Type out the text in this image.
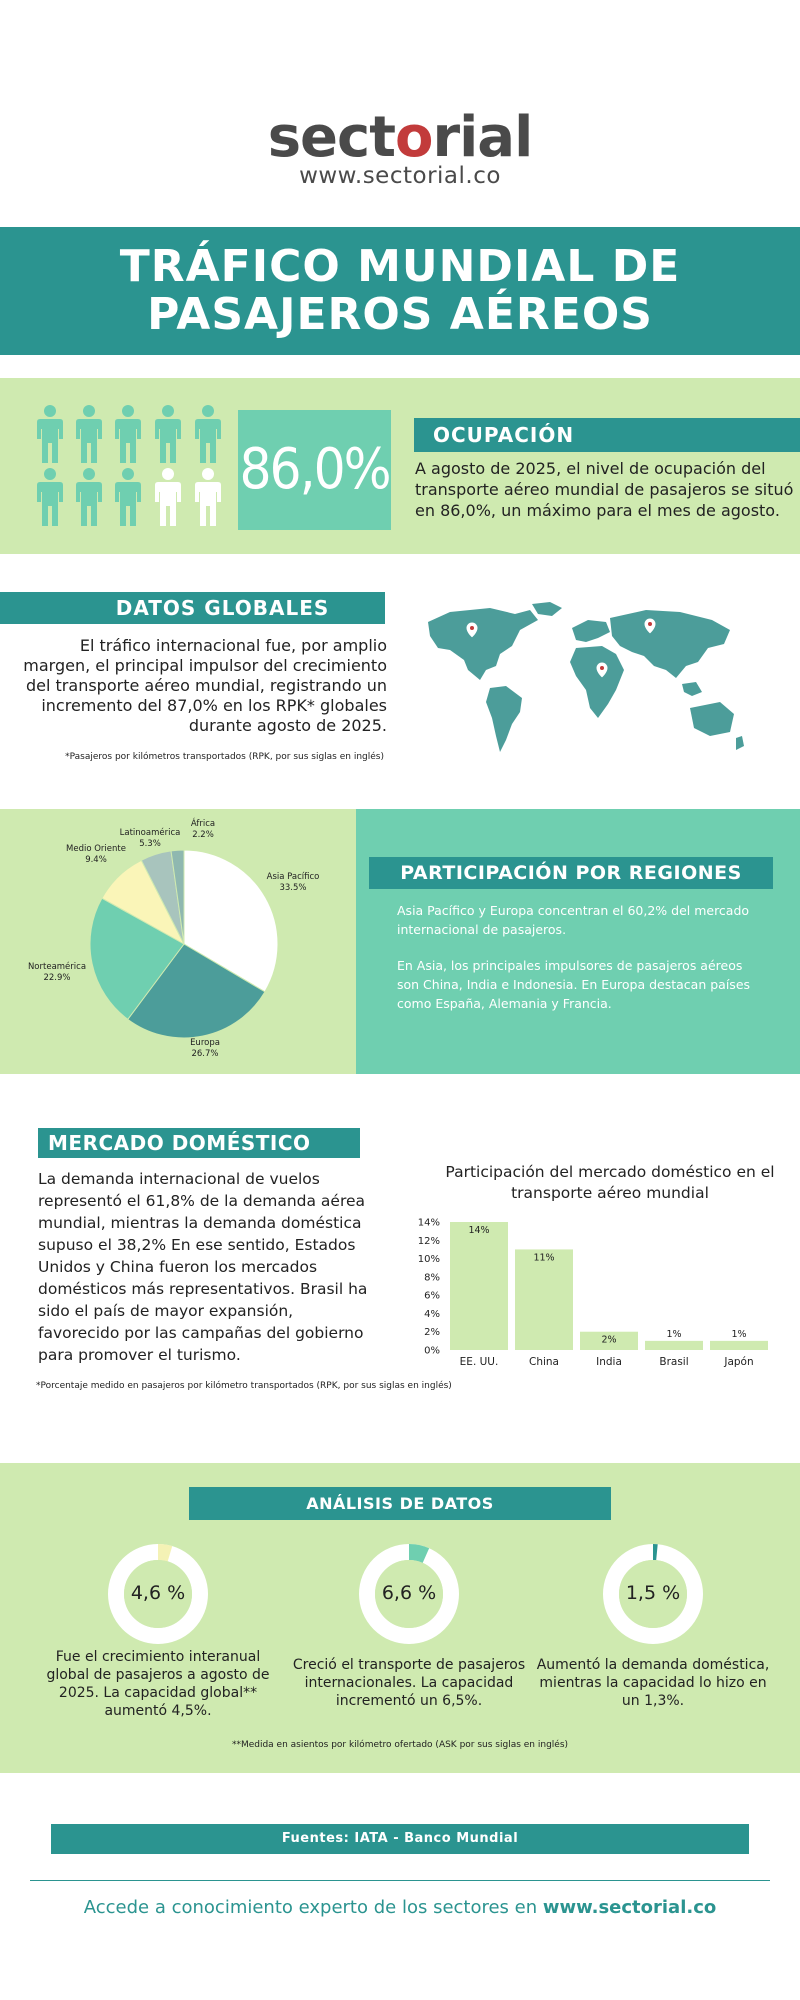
sectorial
www.sectorial.co
TRÁFICO MUNDIAL DE
PASAJEROS AÉREOS
86,0%
OCUPACIÓN
A agosto de 2025, el nivel de ocupación del transporte aéreo mundial de pasajeros se situó en 86,0%, un máximo para el mes de agosto.
DATOS GLOBALES
El tráfico internacional fue, por amplio margen, el principal impulsor del crecimiento del transporte aéreo mundial, registrando un incremento del 87,0% en los RPK* globales durante agosto de 2025.
*Pasajeros por kilómetros transportados (RPK, por sus siglas en inglés)
Asia Pacífico
33.5%
Europa
26.7%
Norteamérica
22.9%
Medio Oriente
9.4%
Latinoamérica
5.3%
África
2.2%
PARTICIPACIÓN POR REGIONES
Asia Pacífico y Europa concentran el 60,2% del mercado internacional de pasajeros.
En Asia, los principales impulsores de pasajeros aéreos son China, India e Indonesia. En Europa destacan países como España, Alemania y Francia.
MERCADO DOMÉSTICO
La demanda internacional de vuelos representó el 61,8% de la demanda aérea mundial, mientras la demanda doméstica supuso el 38,2% En ese sentido, Estados Unidos y China fueron los mercados domésticos más representativos. Brasil ha sido el país de mayor expansión, favorecido por las campañas del gobierno para promover el turismo.
*Porcentaje medido en pasajeros por kilómetro transportados (RPK, por sus siglas en inglés)
Participación del mercado doméstico en el transporte aéreo mundial
0%
2%
4%
6%
8%
10%
12%
14%
14%
EE. UU.
11%
China
2%
India
1%
Brasil
1%
Japón
ANÁLISIS DE DATOS
4,6 %
Fue el crecimiento interanual global de pasajeros a agosto de 2025. La capacidad global** aumentó 4,5%.
6,6 %
Creció el transporte de pasajeros internacionales. La capacidad incrementó un 6,5%.
1,5 %
Aumentó la demanda doméstica, mientras la capacidad lo hizo en un 1,3%.
**Medida en asientos por kilómetro ofertado (ASK por sus siglas en inglés)
Fuentes: IATA - Banco Mundial
Accede a conocimiento experto de los sectores en www.sectorial.co
